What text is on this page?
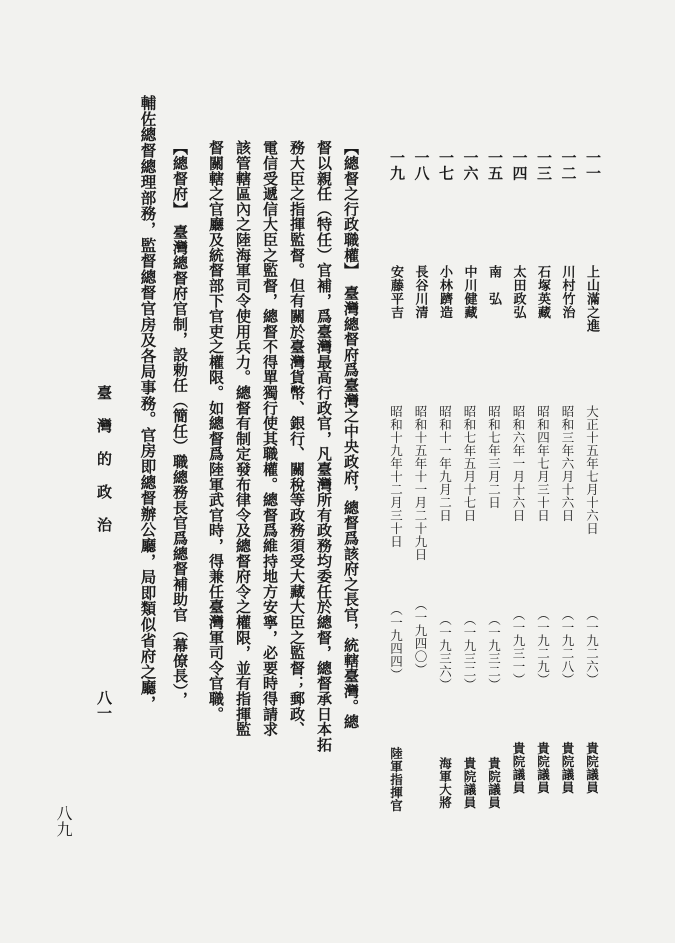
一一
上山滿之進
大正十五年七月十六日
（一九二六）
貴院議員
一二
川村竹治
昭和三年六月十六日
（一九二八）
貴院議員
一三
石塚英藏
昭和四年七月三十日
（一九二九）
貴院議員
一四
太田政弘
昭和六年一月十六日
（一九三一）
貴院議員
一五
南　弘
昭和七年三月二日
（一九三二）
貴院議員
一六
中川健藏
昭和七年五月十七日
（一九三二）
貴院議員
一七
小林躋造
昭和十一年九月二日
（一九三六）
海軍大將
一八
長谷川清
昭和十五年十一月二十九日
（一九四〇）
一九
安藤平吉
昭和十九年十二月三十日
（一九四四）
陸軍指揮官
【總督之行政職權】　臺灣總督府爲臺灣之中央政府，總督爲該府之長官，統轄臺灣。總
督以親任（特任）官補，爲臺灣最高行政官，凡臺灣所有政務均委任於總督，總督承日本拓
務大臣之指揮監督。但有關於臺灣貨幣、銀行、關稅等政務須受大藏大臣之監督；郵政、
電信受遞信大臣之監督，總督不得單獨行使其職權。總督爲維持地方安寧，必要時得請求
該管轄區內之陸海軍司令使用兵力。總督有制定發布律令及總督府令之權限，並有指揮監
督關轄之官廳及統督部下官吏之權限。如總督爲陸軍武官時，得兼任臺灣軍司令官職。
【總督府】　臺灣總督府官制，設勅任（簡任）職總務長官爲總督補助官（幕僚長），
輔佐總督總理部務，監督總督官房及各局事務。官房即總督辦公廳，局即類似省府之廳，
臺灣的政治
八一
八九
